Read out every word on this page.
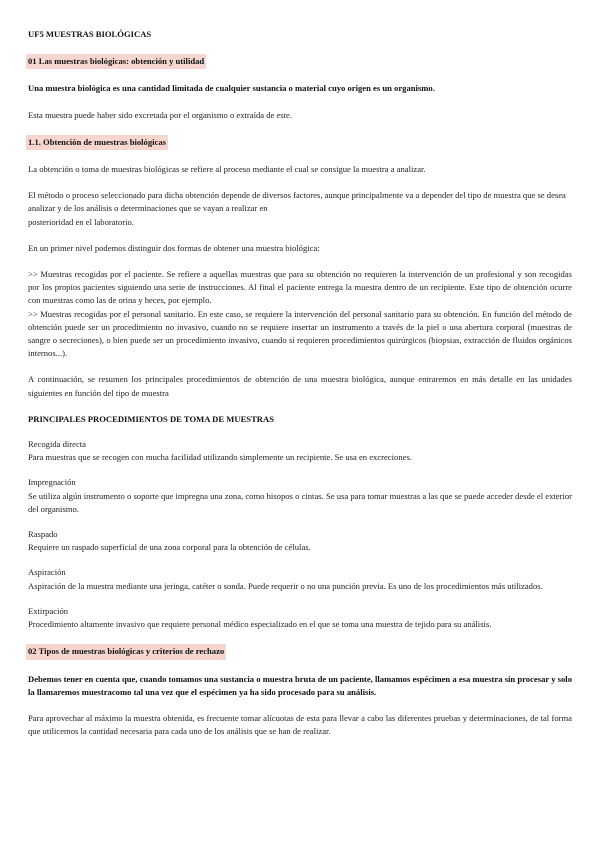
UF5 MUESTRAS BIOLÓGICAS

01 Las muestras biológicas: obtención y utilidad

Una muestra biológica es una cantidad limitada de cualquier sustancia o material cuyo origen es un organismo.

Esta muestra puede haber sido excretada por el organismo o extraída de este.

1.1. Obtención de muestras biológicas

La obtención o toma de muestras biológicas se refiere al proceso mediante el cual se consigue la muestra a analizar.

El método o proceso seleccionado para dicha obtención depende de diversos factores, aunque principalmente va a depender del tipo de muestra que se desea analizar y de los análisis o determinaciones que se vayan a realizar en

posterioridad en el laboratorio.

En un primer nivel podemos distinguir dos formas de obtener una muestra biológica:

>> Muestras recogidas por el paciente. Se refiere a aquellas muestras que para su obtención no requieren la intervención de un profesional y son recogidas por los propios pacientes siguiendo una serie de instrucciones. Al final el paciente entrega la muestra dentro de un recipiente. Este tipo de obtención ocurre con muestras como las de orina y heces, por ejemplo.

>> Muestras recogidas por el personal sanitario. En este caso, se requiere la intervención del personal sanitario para su obtención. En función del método de obtención puede ser un procedimiento no invasivo, cuando no se requiere insertar un instrumento a través de la piel o una abertura corporal (muestras de sangre o secreciones), o bien puede ser un procedimiento invasivo, cuando sí requieren procedimientos quirúrgicos (biopsias, extracción de fluidos orgánicos internos...).

A continuación, se resumen los principales procedimientos de obtención de una muestra biológica, aunque entraremos en más detalle en las unidades siguientes en función del tipo de muestra

PRINCIPALES PROCEDIMIENTOS DE TOMA DE MUESTRAS

Recogida directa

Para muestras que se recogen con mucha facilidad utilizando simplemente un recipiente. Se usa en excreciones.

Impregnación

Se utiliza algún instrumento o soporte que impregna una zona, como hisopos o cintas. Se usa para tomar muestras a las que se puede acceder desde el exterior del organismo.

Raspado

Requiere un raspado superficial de una zona corporal para la obtención de células.

Aspiración

Aspiración de la muestra mediante una jeringa, catéter o sonda. Puede requerir o no una punción previa. Es uno de los procedimientos más utilizados.

Extirpación

Procedimiento altamente invasivo que requiere personal médico especializado en el que se toma una muestra de tejido para su análisis.

02 Tipos de muestras biológicas y criterios de rechazo

Debemos tener en cuenta que, cuando tomamos una sustancia o muestra bruta de un paciente, llamamos espécimen a esa muestra sin procesar y solo la llamaremos muestracomo tal una vez que el espécimen ya ha sido procesado para su análisis.

Para aprovechar al máximo la muestra obtenida, es frecuente tomar alícuotas de esta para llevar a cabo las diferentes pruebas y determinaciones, de tal forma que utilicemos la cantidad necesaria para cada uno de los análisis que se han de realizar.
